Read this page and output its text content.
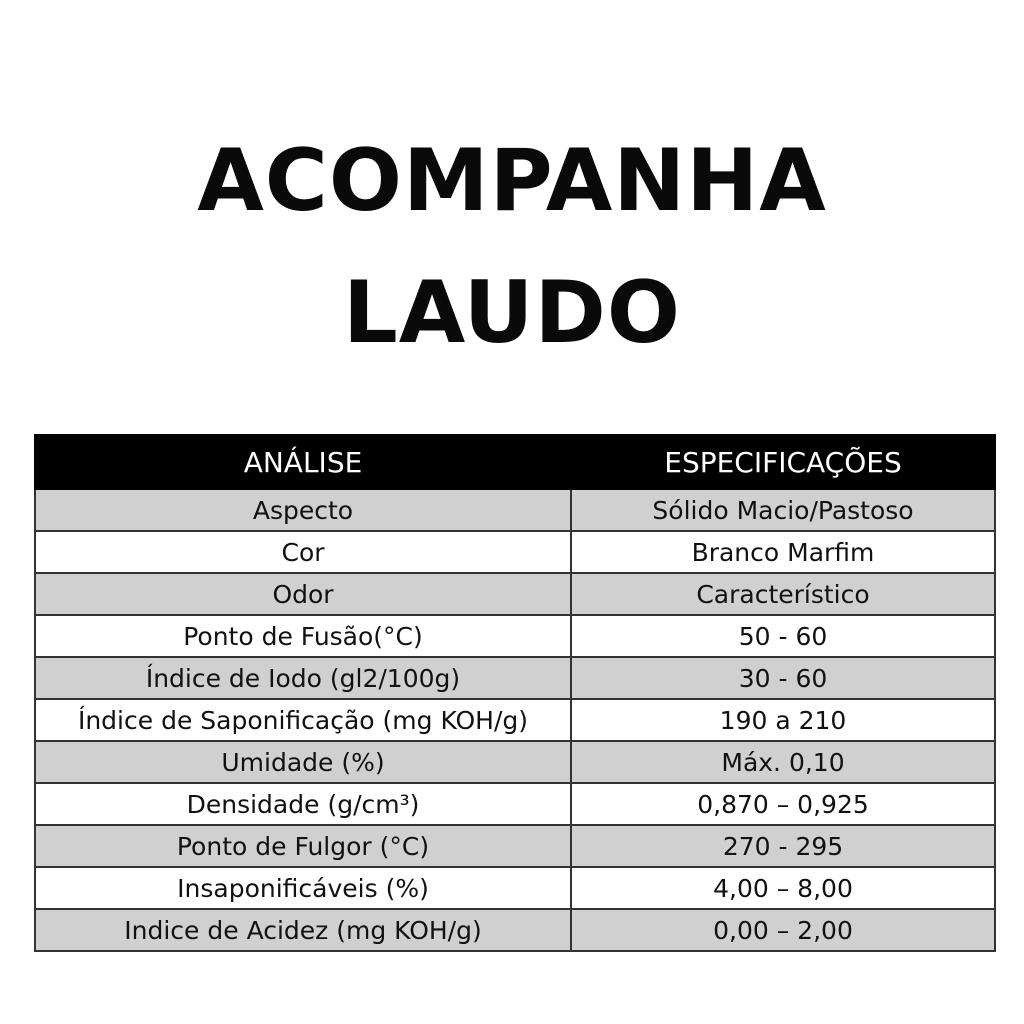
ACOMPANHA
LAUDO
ANÁLISE	ESPECIFICAÇÕES
Aspecto	Sólido Macio/Pastoso
Cor	Branco Marfim
Odor	Característico
Ponto de Fusão(°C)	50 - 60
Índice de Iodo (gl2/100g)	30 - 60
Índice de Saponificação (mg KOH/g)	190 a 210
Umidade (%)	Máx. 0,10
Densidade (g/cm³)	0,870 – 0,925
Ponto de Fulgor (°C)	270 - 295
Insaponificáveis (%)	4,00 – 8,00
Indice de Acidez (mg KOH/g)	0,00 – 2,00
